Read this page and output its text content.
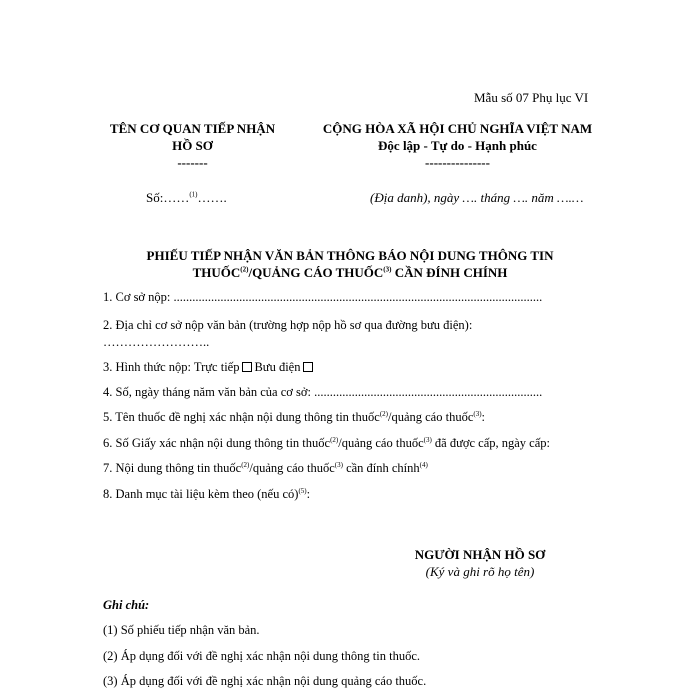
Mẫu số 07 Phụ lục VI
TÊN CƠ QUAN TIẾP NHẬN
HỒ SƠ
-------
CỘNG HÒA XÃ HỘI CHỦ NGHĨA VIỆT NAM
Độc lập - Tự do - Hạnh phúc
---------------
Số:……$^{(1)}$…….	(Địa danh), ngày …. tháng …. năm ….…
PHIẾU TIẾP NHẬN VĂN BẢN THÔNG BÁO NỘI DUNG THÔNG TIN
THUỐC$^{(2)}$/QUẢNG CÁO THUỐC$^{(3)}$ CẦN ĐÍNH CHÍNH
1. Cơ sở nộp: ......................................................................................................................
2. Địa chỉ cơ sở nộp văn bản (trường hợp nộp hồ sơ qua đường bưu điện):
……………………..
3. Hình thức nộp: Trực tiếp Bưu điện
4. Số, ngày tháng năm văn bản của cơ sở: .........................................................................
5. Tên thuốc đề nghị xác nhận nội dung thông tin thuốc$^{(2)}$/quảng cáo thuốc$^{(3)}$:
6. Số Giấy xác nhận nội dung thông tin thuốc$^{(2)}$/quảng cáo thuốc$^{(3)}$ đã được cấp, ngày cấp:
7. Nội dung thông tin thuốc$^{(2)}$/quảng cáo thuốc$^{(3)}$ cần đính chính$^{(4)}$
8. Danh mục tài liệu kèm theo (nếu có)$^{(5)}$:
NGƯỜI NHẬN HỒ SƠ
(Ký và ghi rõ họ tên)
Ghi chú:
(1) Số phiếu tiếp nhận văn bản.
(2) Áp dụng đối với đề nghị xác nhận nội dung thông tin thuốc.
(3) Áp dụng đối với đề nghị xác nhận nội dung quảng cáo thuốc.
